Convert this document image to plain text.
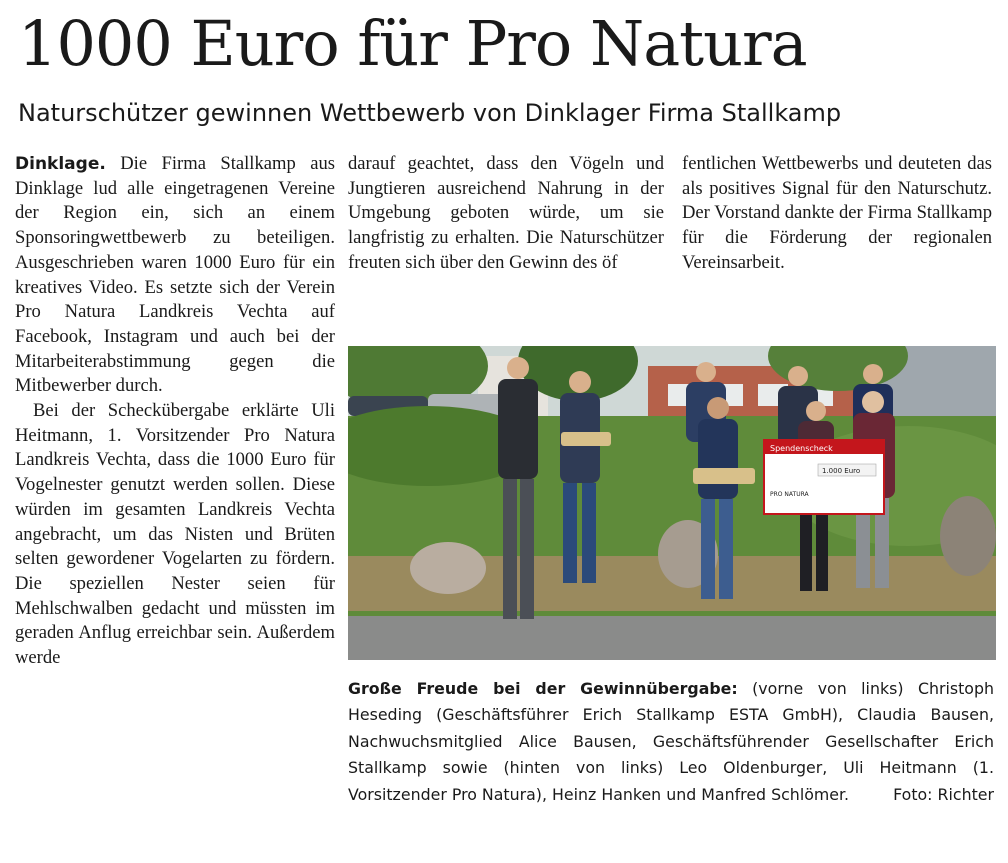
1000 Euro für Pro Natura
Naturschützer gewinnen Wettbewerb von Dinklager Firma Stallkamp

Dinklage. Die Firma Stallkamp aus Dinklage lud alle eingetragenen Vereine der Region ein, sich an einem Sponsoringwettbewerb zu beteiligen. Ausgeschrieben waren 1000 Euro für ein kreatives Video. Es setzte sich der Verein Pro Natura Landkreis Vechta auf Facebook, Instagram und auch bei der Mitarbeiterabstimmung gegen die Mitbewerber durch.

Bei der Scheckübergabe erklärte Uli Heitmann, 1. Vorsitzender Pro Natura Landkreis Vechta, dass die 1000 Euro für Vogelnester genutzt werden sollen. Diese würden im gesamten Landkreis Vechta angebracht, um das Nisten und Brüten selten gewordener Vogelarten zu fördern. Die speziellen Nester seien für Mehlschwalben gedacht und müssten im geraden Anflug erreichbar sein. Außerdem werde

darauf geachtet, dass den Vögeln und Jungtieren ausreichend Nahrung in der Umgebung geboten würde, um sie langfristig zu erhalten. Die Naturschützer freuten sich über den Gewinn des öf

fentlichen Wettbewerbs und deuteten das als positives Signal für den Naturschutz. Der Vorstand dankte der Firma Stallkamp für die Förderung der regionalen Vereinsarbeit.

Spendenscheck
1.000 Euro
PRO NATURA
Große Freude bei der Gewinnübergabe: (vorne von links) Christoph Heseding (Geschäftsführer Erich Stallkamp ESTA GmbH), Claudia Bausen, Nachwuchsmitglied Alice Bausen, Geschäftsführender Gesellschafter Erich Stallkamp sowie (hinten von links) Leo Oldenburger, Uli Heitmann (1. Vorsitzender Pro Natura), Heinz Hanken und Manfred Schlömer.	Foto: Richter
